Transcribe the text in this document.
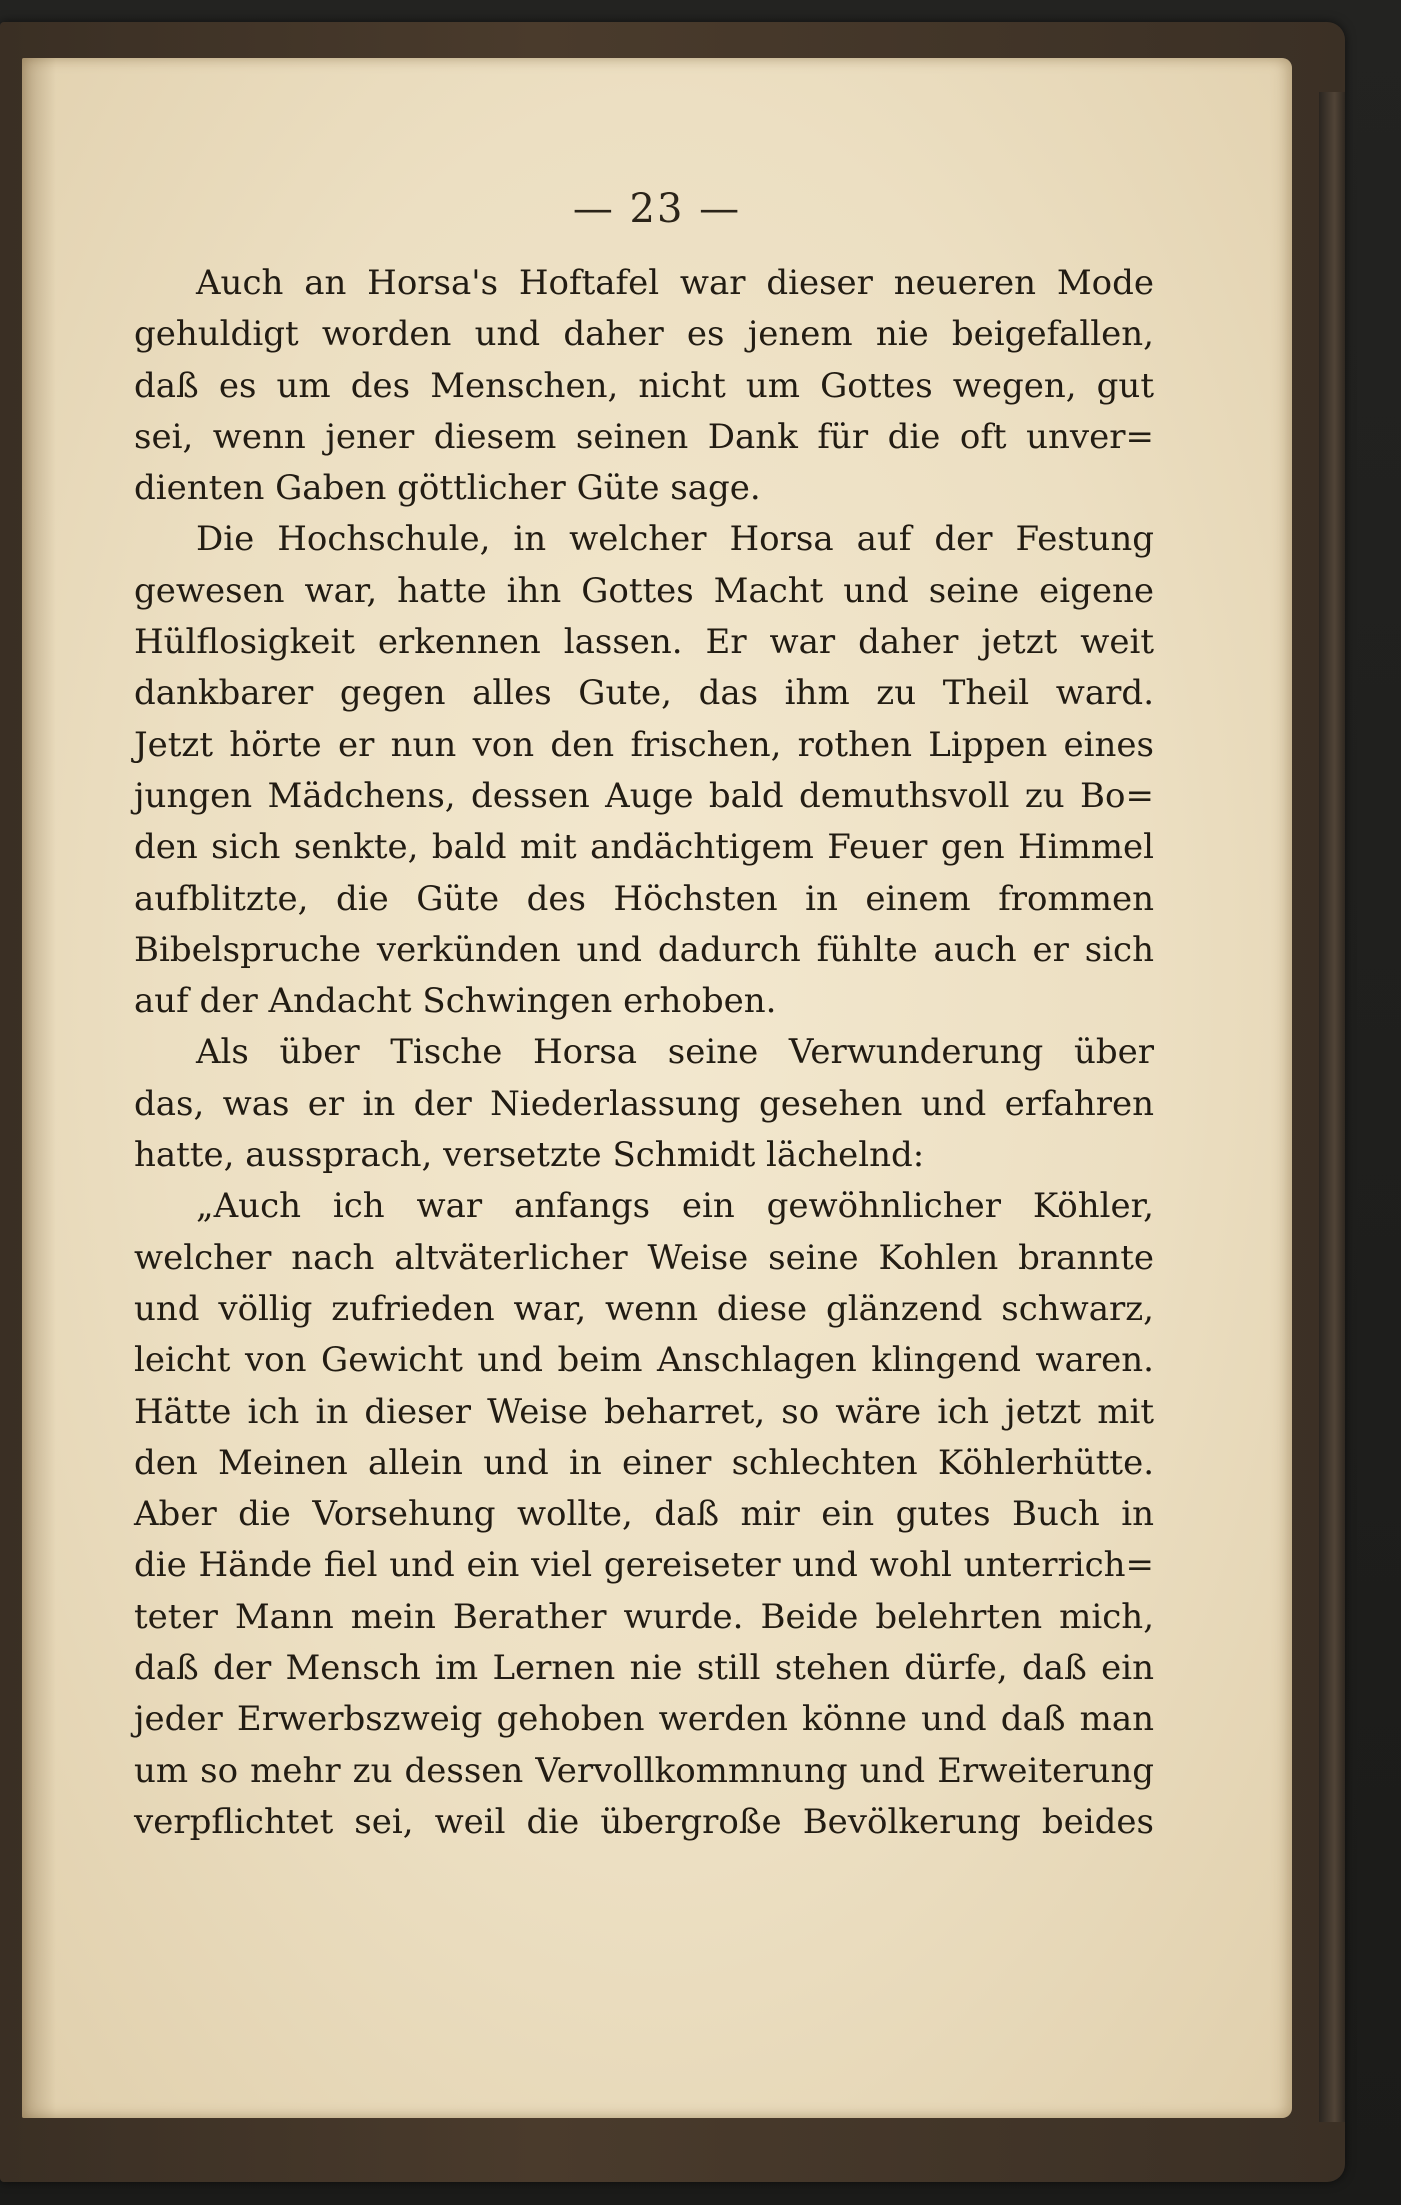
— 23 —
Auch an Horsa's Hoftafel war dieser neueren Mode
gehuldigt worden und daher es jenem nie beigefallen,
daß es um des Menschen, nicht um Gottes wegen, gut
sei, wenn jener diesem seinen Dank für die oft unver=
dienten Gaben göttlicher Güte sage.
Die Hochschule, in welcher Horsa auf der Festung
gewesen war, hatte ihn Gottes Macht und seine eigene
Hülflosigkeit erkennen lassen. Er war daher jetzt weit
dankbarer gegen alles Gute, das ihm zu Theil ward.
Jetzt hörte er nun von den frischen, rothen Lippen eines
jungen Mädchens, dessen Auge bald demuthsvoll zu Bo=
den sich senkte, bald mit andächtigem Feuer gen Himmel
aufblitzte, die Güte des Höchsten in einem frommen
Bibelspruche verkünden und dadurch fühlte auch er sich
auf der Andacht Schwingen erhoben.
Als über Tische Horsa seine Verwunderung über
das, was er in der Niederlassung gesehen und erfahren
hatte, aussprach, versetzte Schmidt lächelnd:
„Auch ich war anfangs ein gewöhnlicher Köhler,
welcher nach altväterlicher Weise seine Kohlen brannte
und völlig zufrieden war, wenn diese glänzend schwarz,
leicht von Gewicht und beim Anschlagen klingend waren.
Hätte ich in dieser Weise beharret, so wäre ich jetzt mit
den Meinen allein und in einer schlechten Köhlerhütte.
Aber die Vorsehung wollte, daß mir ein gutes Buch in
die Hände fiel und ein viel gereiseter und wohl unterrich=
teter Mann mein Berather wurde. Beide belehrten mich,
daß der Mensch im Lernen nie still stehen dürfe, daß ein
jeder Erwerbszweig gehoben werden könne und daß man
um so mehr zu dessen Vervollkommnung und Erweiterung
verpflichtet sei, weil die übergroße Bevölkerung beides
